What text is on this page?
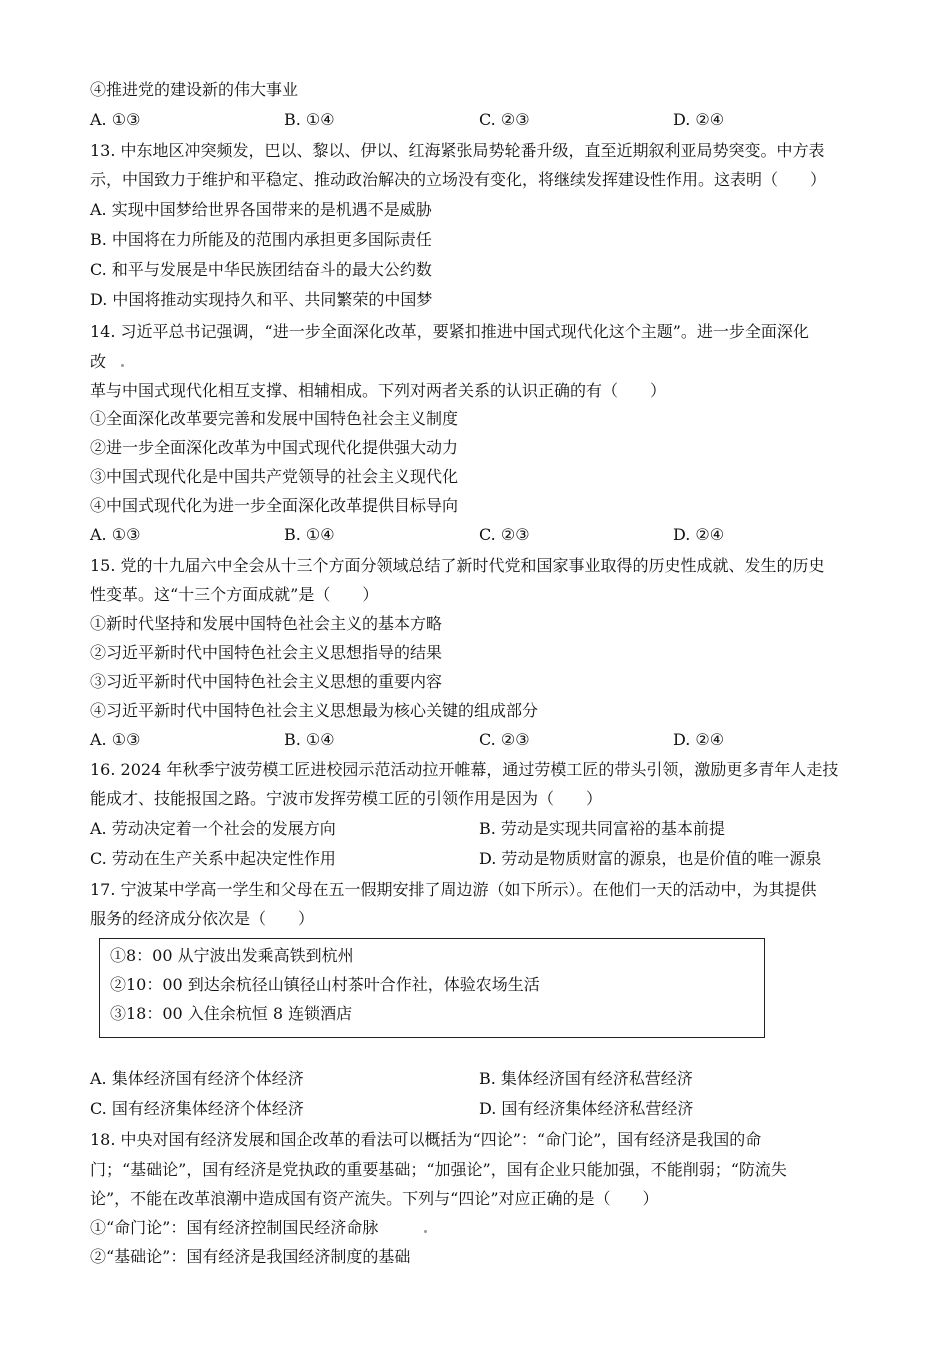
④推进党的建设新的伟大事业
A. ①③	B. ①④	C. ②③	D. ②④
13. 中东地区冲突频发，巴以、黎以、伊以、红海紧张局势轮番升级，直至近期叙利亚局势突变。中方表
示，中国致力于维护和平稳定、推动政治解决的立场没有变化，将继续发挥建设性作用。这表明（　　）
A. 实现中国梦给世界各国带来的是机遇不是威胁
B. 中国将在力所能及的范围内承担更多国际责任
C. 和平与发展是中华民族团结奋斗的最大公约数
D. 中国将推动实现持久和平、共同繁荣的中国梦
14. 习近平总书记强调，“进一步全面深化改革，要紧扣推进中国式现代化这个主题”。进一步全面深化
改
革与中国式现代化相互支撑、相辅相成。下列对两者关系的认识正确的有（　　）
①全面深化改革要完善和发展中国特色社会主义制度
②进一步全面深化改革为中国式现代化提供强大动力
③中国式现代化是中国共产党领导的社会主义现代化
④中国式现代化为进一步全面深化改革提供目标导向
A. ①③	B. ①④	C. ②③	D. ②④
15. 党的十九届六中全会从十三个方面分领域总结了新时代党和国家事业取得的历史性成就、发生的历史
性变革。这“十三个方面成就”是（　　）
①新时代坚持和发展中国特色社会主义的基本方略
②习近平新时代中国特色社会主义思想指导的结果
③习近平新时代中国特色社会主义思想的重要内容
④习近平新时代中国特色社会主义思想最为核心关键的组成部分
A. ①③	B. ①④	C. ②③	D. ②④
16. 2024 年秋季宁波劳模工匠进校园示范活动拉开帷幕，通过劳模工匠的带头引领，激励更多青年人走技
能成才、技能报国之路。宁波市发挥劳模工匠的引领作用是因为（　　）
A. 劳动决定着一个社会的发展方向	B. 劳动是实现共同富裕的基本前提
C. 劳动在生产关系中起决定性作用	D. 劳动是物质财富的源泉，也是价值的唯一源泉
17. 宁波某中学高一学生和父母在五一假期安排了周边游（如下所示）。在他们一天的活动中，为其提供
服务的经济成分依次是（　　）
①8：00 从宁波出发乘高铁到杭州
②10：00 到达余杭径山镇径山村茶叶合作社，体验农场生活
③18：00 入住余杭恒 8 连锁酒店
A. 集体经济国有经济个体经济	B. 集体经济国有经济私营经济
C. 国有经济集体经济个体经济	D. 国有经济集体经济私营经济
18. 中央对国有经济发展和国企改革的看法可以概括为“四论”：“命门论”，国有经济是我国的命
门；“基础论”，国有经济是党执政的重要基础；“加强论”，国有企业只能加强，不能削弱；“防流失
论”，不能在改革浪潮中造成国有资产流失。下列与“四论”对应正确的是（　　）
①“命门论”：国有经济控制国民经济命脉
②“基础论”：国有经济是我国经济制度的基础
